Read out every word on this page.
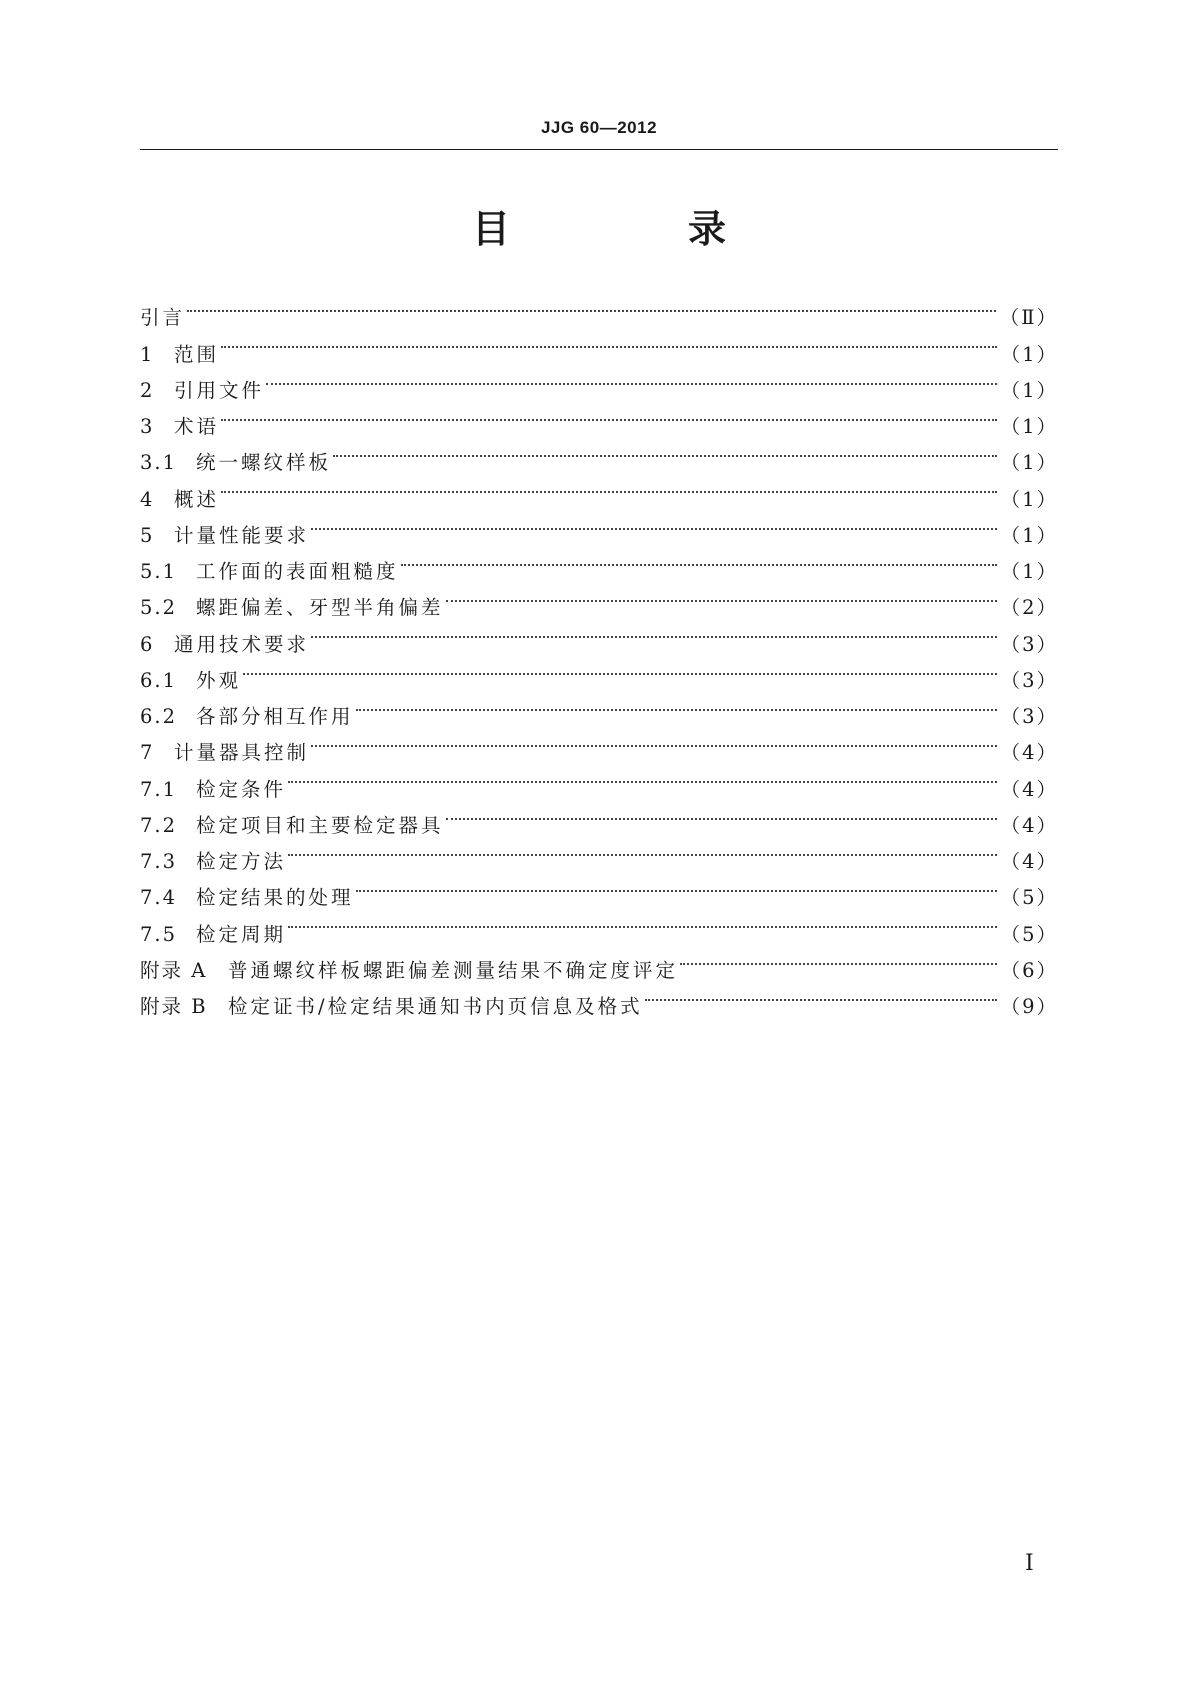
JJG 60—2012
目　录
引言	（Ⅱ）
1	范围	（1）
2	引用文件	（1）
3	术语	（1）
3.1 统一螺纹样板	（1）
4	概述	（1）
5	计量性能要求	（1）
5.1 工作面的表面粗糙度	（1）
5.2 螺距偏差、牙型半角偏差	（2）
6	通用技术要求	（3）
6.1 外观	（3）
6.2 各部分相互作用	（3）
7	计量器具控制	（4）
7.1 检定条件	（4）
7.2 检定项目和主要检定器具	（4）
7.3 检定方法	（4）
7.4 检定结果的处理	（5）
7.5 检定周期	（5）
附录 A	普通螺纹样板螺距偏差测量结果不确定度评定	（6）
附录 B	检定证书/检定结果通知书内页信息及格式	（9）
Ⅰ
